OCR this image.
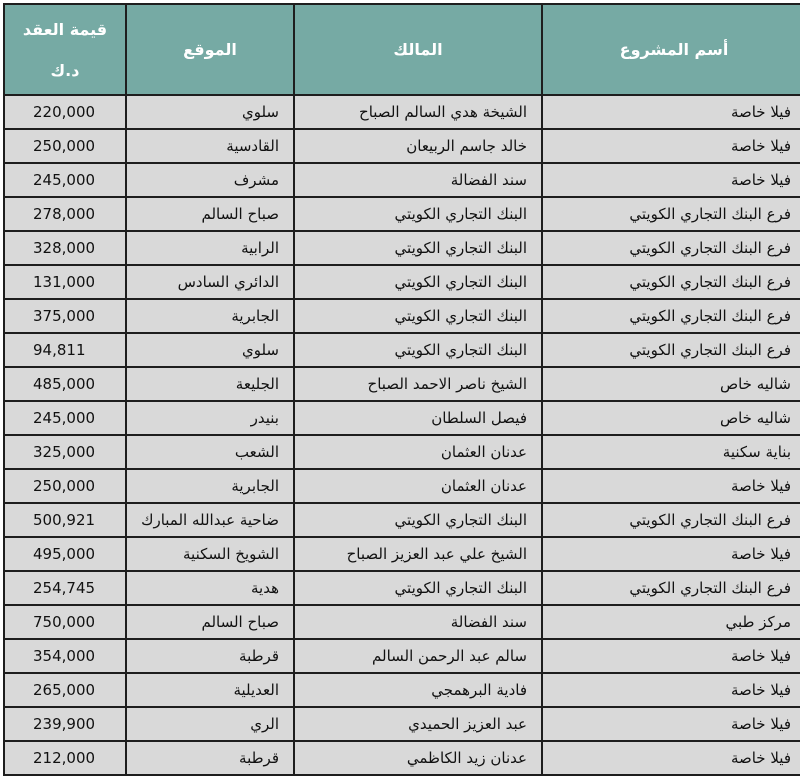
أسم المشروع	المالك	الموقع	قيمة العقد
د.ك

فيلا خاصة	الشيخة هدي السالم الصباح	سلوي	220,000
فيلا خاصة	خالد جاسم الربيعان	القادسية	250,000
فيلا خاصة	سند الفضالة	مشرف	245,000
فرع البنك التجاري الكويتي	البنك التجاري الكويتي	صباح السالم	278,000
فرع البنك التجاري الكويتي	البنك التجاري الكويتي	الرابية	328,000
فرع البنك التجاري الكويتي	البنك التجاري الكويتي	الدائري السادس	131,000
فرع البنك التجاري الكويتي	البنك التجاري الكويتي	الجابرية	375,000
فرع البنك التجاري الكويتي	البنك التجاري الكويتي	سلوي	94,811
شاليه خاص	الشيخ ناصر الاحمد الصباح	الجليعة	485,000
شاليه خاص	فيصل السلطان	بنيدر	245,000
بناية سكنية	عدنان العثمان	الشعب	325,000
فيلا خاصة	عدنان العثمان	الجابرية	250,000
فرع البنك التجاري الكويتي	البنك التجاري الكويتي	ضاحية عبدالله المبارك	500,921
فيلا خاصة	الشيخ علي عبد العزيز الصباح	الشويخ السكنية	495,000
فرع البنك التجاري الكويتي	البنك التجاري الكويتي	هدية	254,745
مركز طبي	سند الفضالة	صباح السالم	750,000
فيلا خاصة	سالم عبد الرحمن السالم	قرطبة	354,000
فيلا خاصة	فادية البرهمجي	العديلية	265,000
فيلا خاصة	عبد العزيز الحميدي	الري	239,900
فيلا خاصة	عدنان زيد الكاظمي	قرطبة	212,000
